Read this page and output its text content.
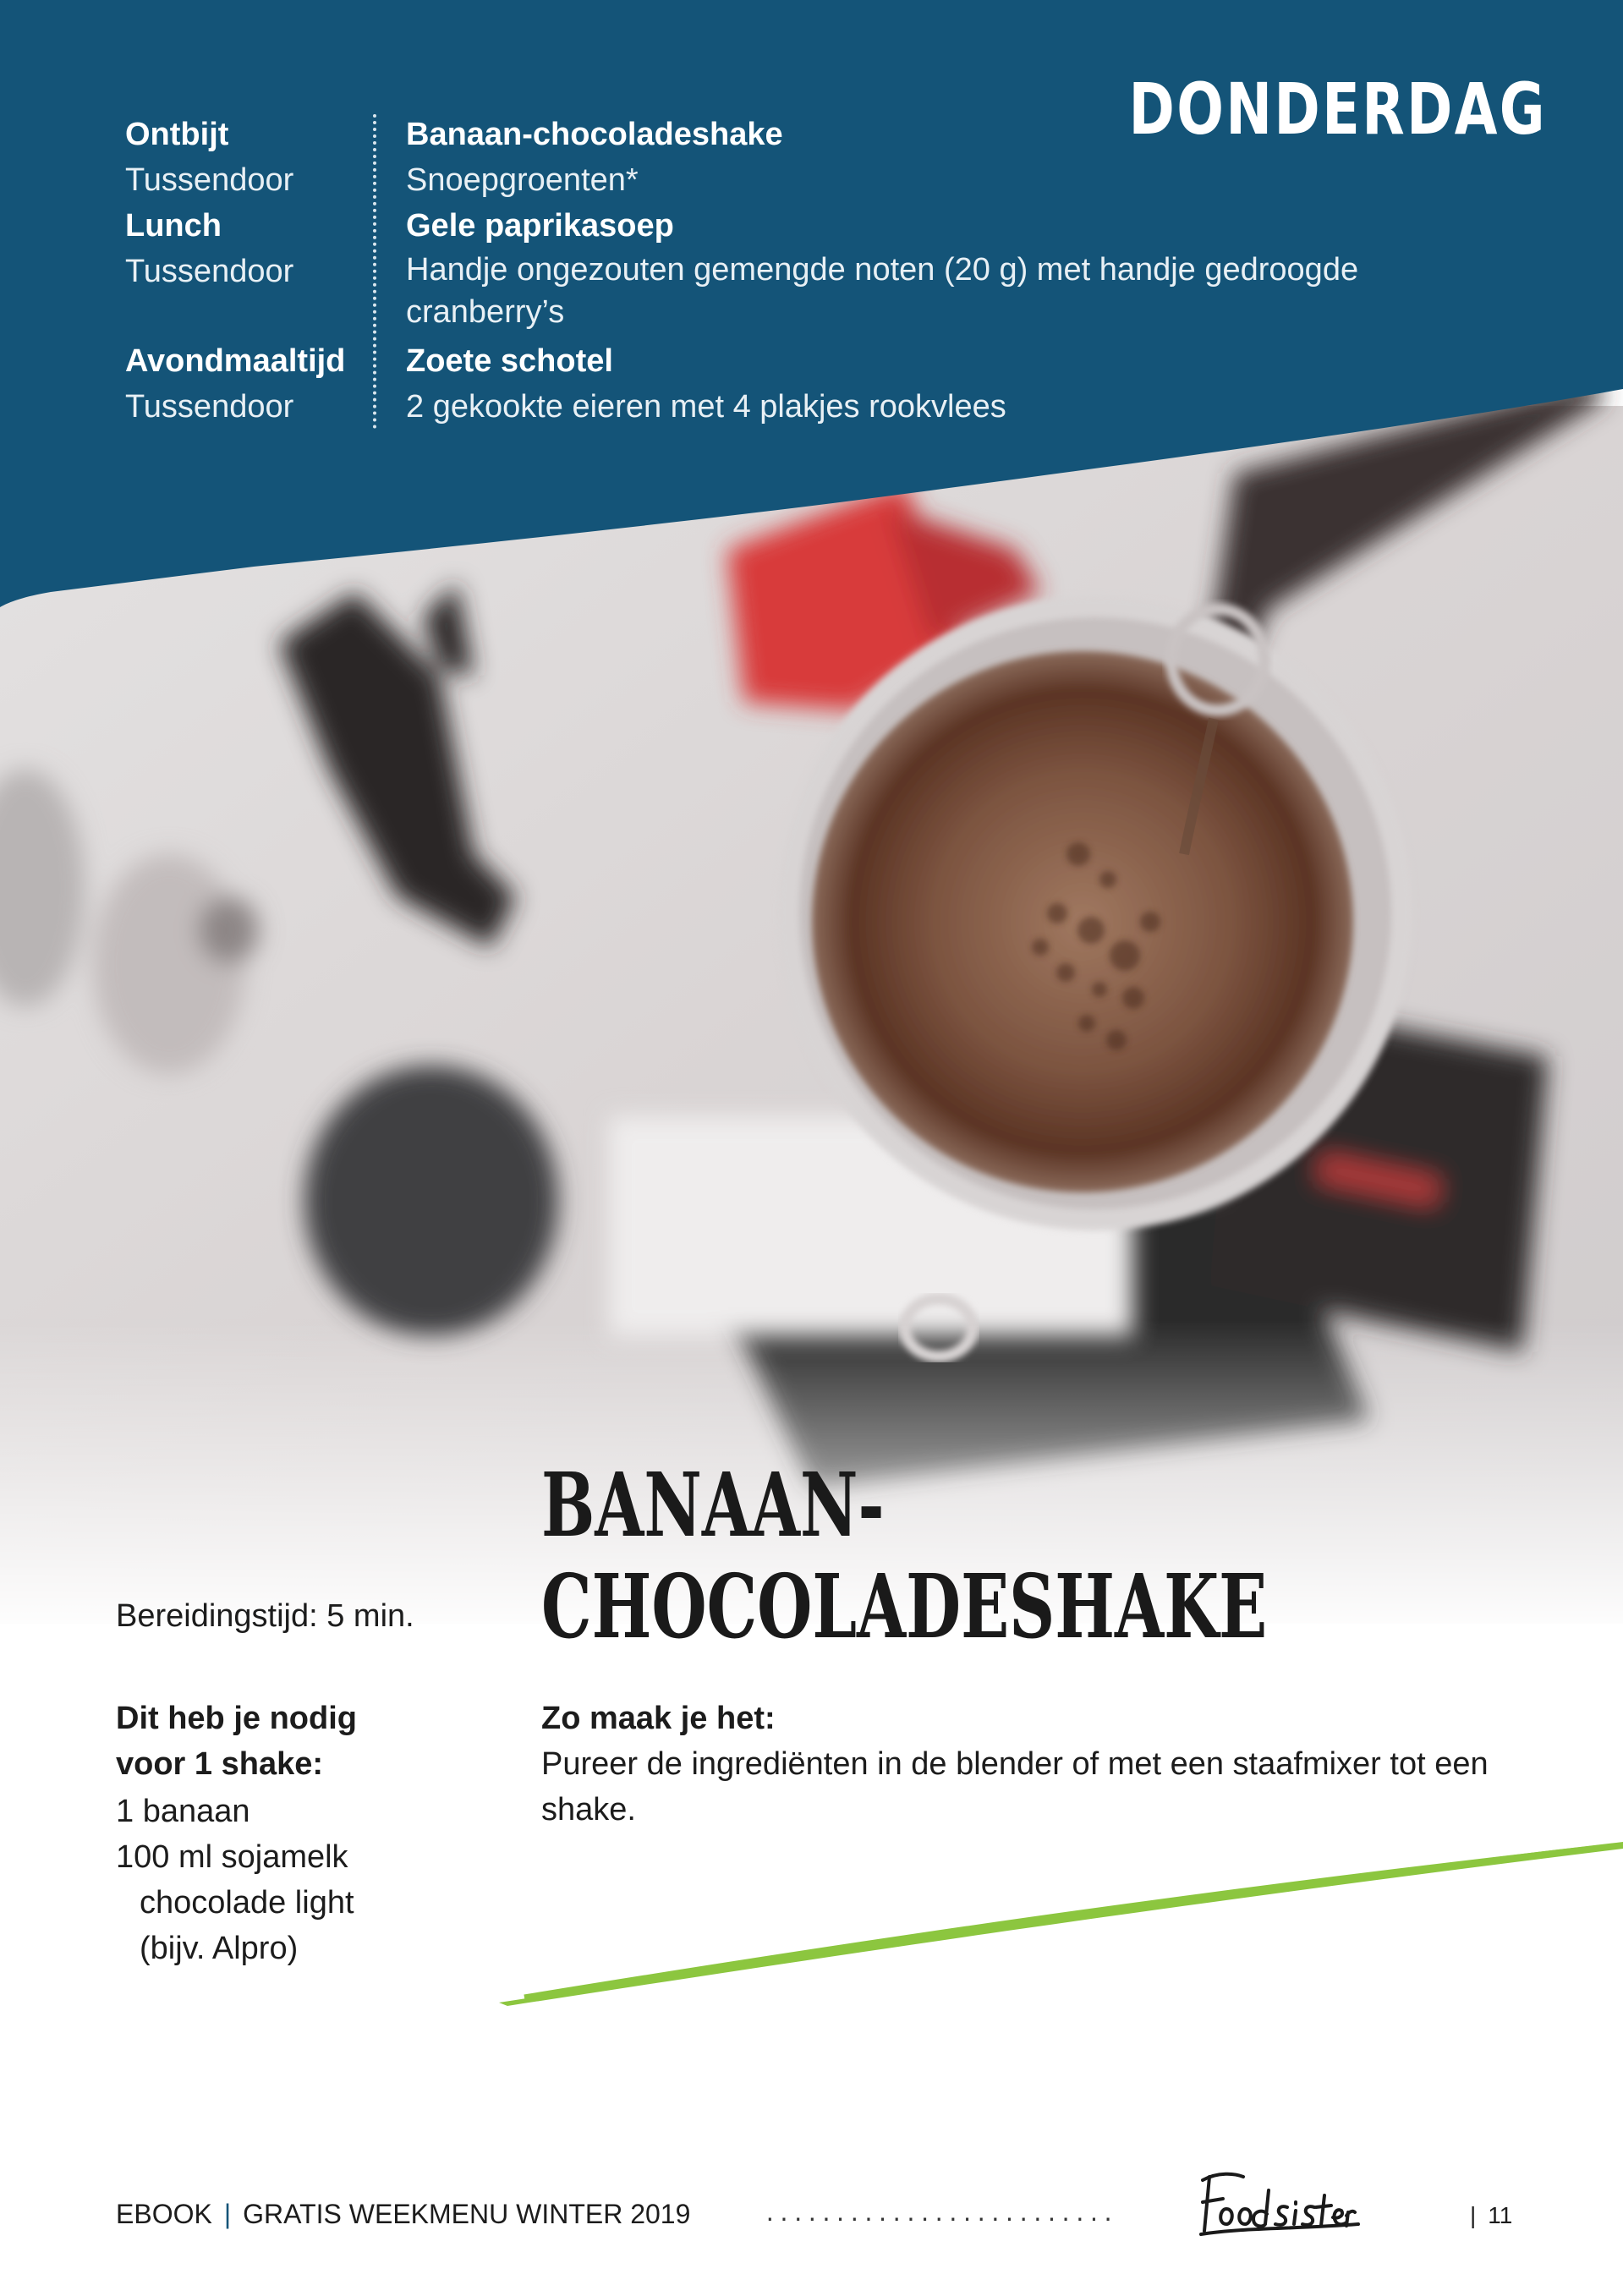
DONDERDAG
Ontbijt
Tussendoor
Lunch
Tussendoor
Avondmaaltijd
Tussendoor
Banaan-chocoladeshake
Snoepgroenten*
Gele paprikasoep
Handje ongezouten gemengde noten (20 g) met handje gedroogde cranberry’s
Zoete schotel
2 gekookte eieren met 4 plakjes rookvlees
BANAAN-
CHOCOLADESHAKE
Bereidingstijd: 5 min.
Dit heb je nodig
voor 1 shake:
1 banaan
100 ml sojamelk
chocolade light
(bijv. Alpro)
Zo maak je het:
Pureer de ingrediënten in de blender of met een staafmixer tot een shake.
EBOOK | GRATIS WEEKMENU WINTER 2019	·························	| 11
